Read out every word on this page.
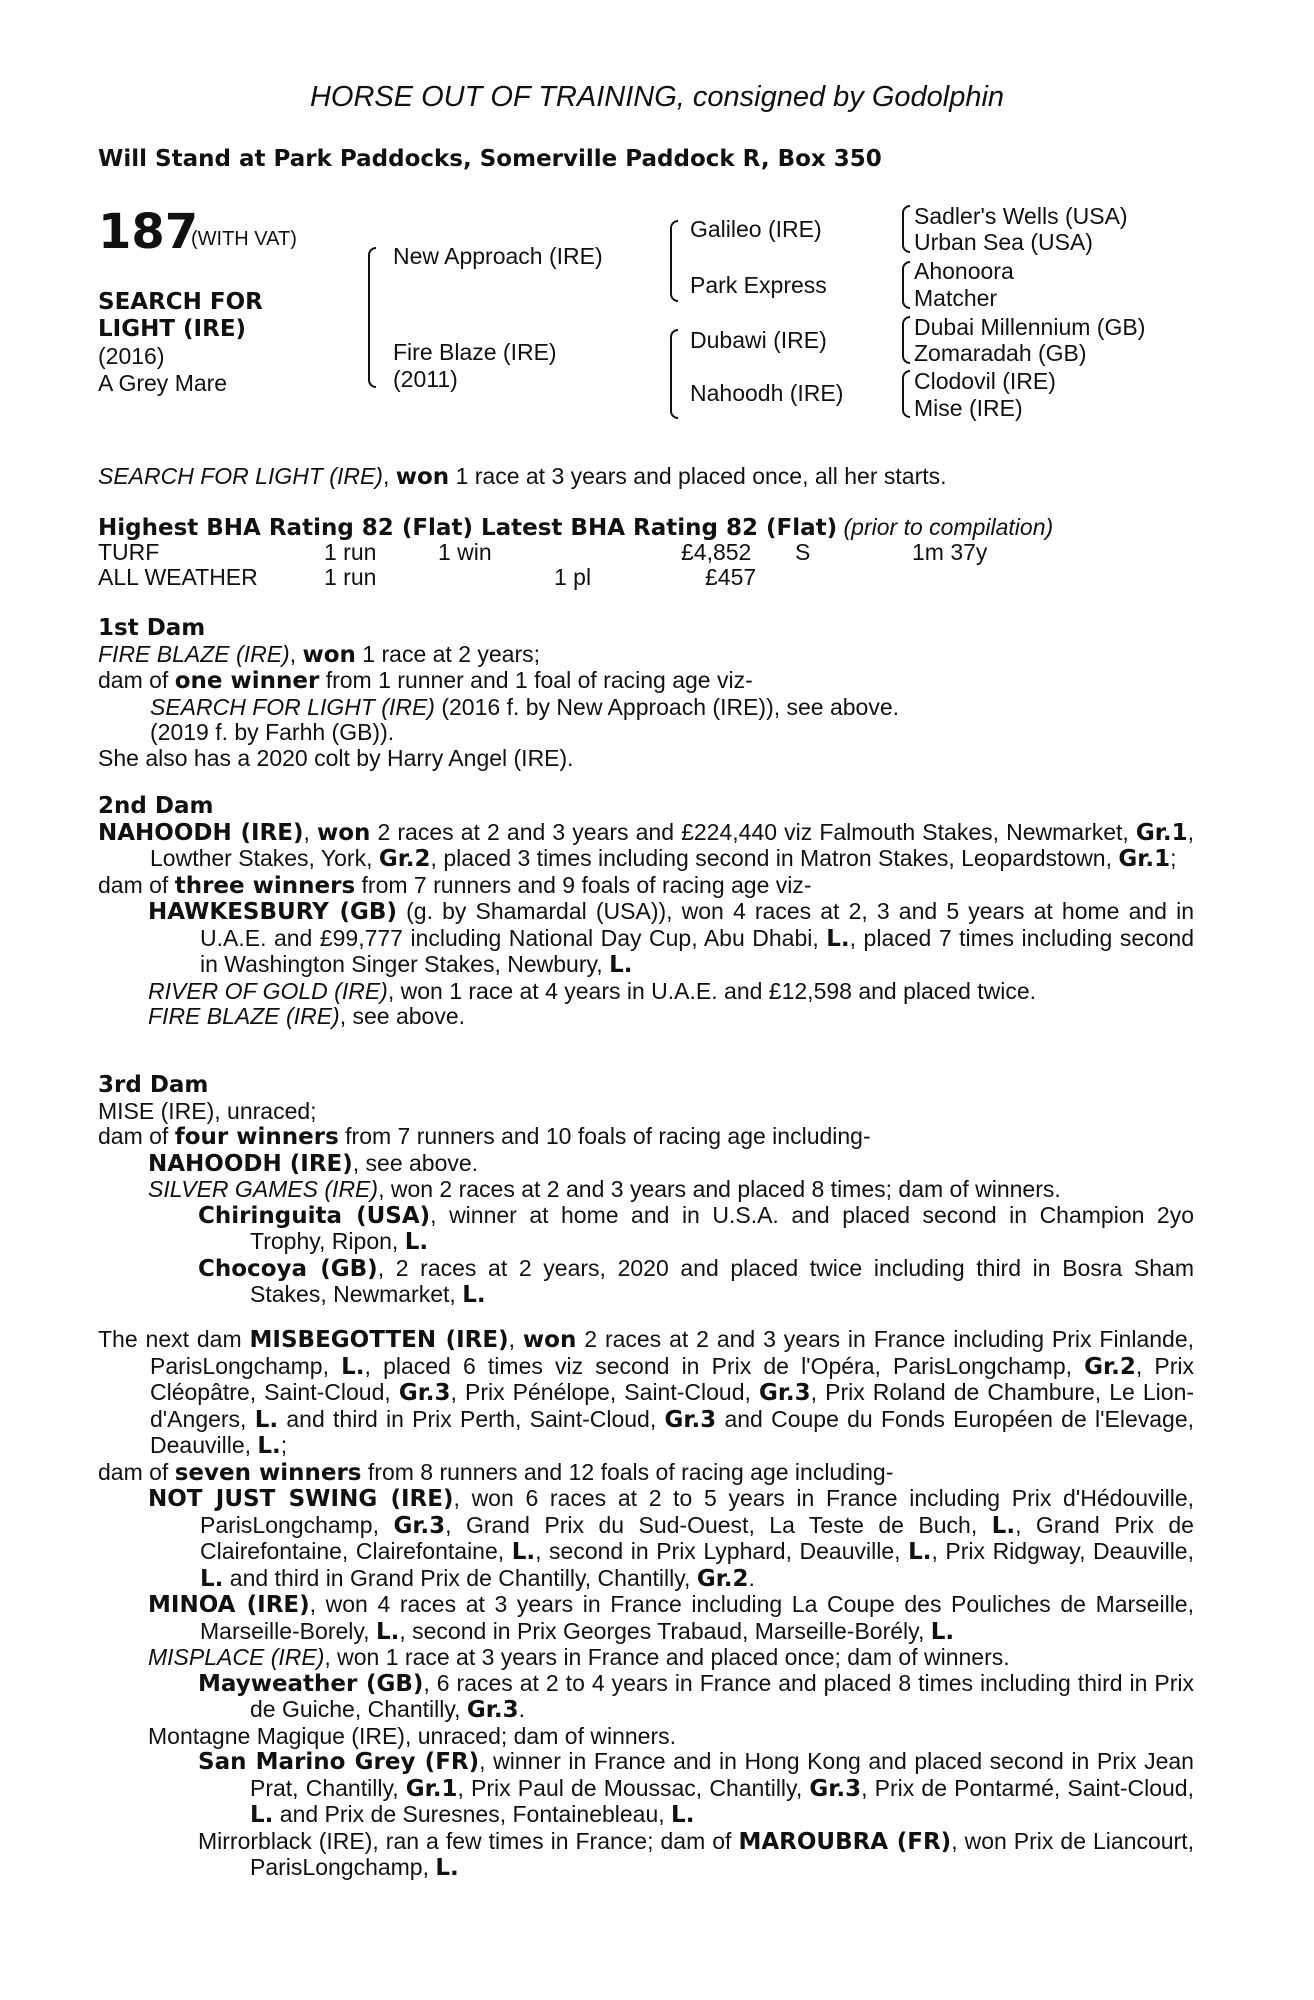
HORSE OUT OF TRAINING, consigned by Godolphin
Will Stand at Park Paddocks, Somerville Paddock R, Box 350
187
(WITH VAT)
SEARCH FOR
LIGHT (IRE)
(2016)
A Grey Mare
New Approach (IRE)
Fire Blaze (IRE)
(2011)
Galileo (IRE)
Park Express
Dubawi (IRE)
Nahoodh (IRE)
Sadler's Wells (USA)
Urban Sea (USA)
Ahonoora
Matcher
Dubai Millennium (GB)
Zomaradah (GB)
Clodovil (IRE)
Mise (IRE)
SEARCH FOR LIGHT (IRE), won 1 race at 3 years and placed once, all her starts.
Highest BHA Rating 82 (Flat) Latest BHA Rating 82 (Flat) (prior to compilation)
TURF	1 run	1 win	£4,852 S	1m 37y
ALL WEATHER	1 run	1 pl	£457

1st Dam

FIRE BLAZE (IRE), won 1 race at 2 years;

dam of one winner from 1 runner and 1 foal of racing age viz-

SEARCH FOR LIGHT (IRE) (2016 f. by New Approach (IRE)), see above.

(2019 f. by Farhh (GB)).

She also has a 2020 colt by Harry Angel (IRE).

2nd Dam

NAHOODH (IRE), won 2 races at 2 and 3 years and £224,440 viz Falmouth Stakes, Newmarket, Gr.1, Lowther Stakes, York, Gr.2, placed 3 times including second in Matron Stakes, Leopardstown, Gr.1;

dam of three winners from 7 runners and 9 foals of racing age viz-

HAWKESBURY (GB) (g. by Shamardal (USA)), won 4 races at 2, 3 and 5 years at home and in U.A.E. and £99,777 including National Day Cup, Abu Dhabi, L., placed 7 times including second in Washington Singer Stakes, Newbury, L.

RIVER OF GOLD (IRE), won 1 race at 4 years in U.A.E. and £12,598 and placed twice.

FIRE BLAZE (IRE), see above.

3rd Dam

MISE (IRE), unraced;

dam of four winners from 7 runners and 10 foals of racing age including-

NAHOODH (IRE), see above.

SILVER GAMES (IRE), won 2 races at 2 and 3 years and placed 8 times; dam of winners.

Chiringuita (USA), winner at home and in U.S.A. and placed second in Champion 2yo Trophy, Ripon, L.

Chocoya (GB), 2 races at 2 years, 2020 and placed twice including third in Bosra Sham Stakes, Newmarket, L.

The next dam MISBEGOTTEN (IRE), won 2 races at 2 and 3 years in France including Prix Finlande, ParisLongchamp, L., placed 6 times viz second in Prix de l'Opéra, ParisLongchamp, Gr.2, Prix Cléopâtre, Saint-Cloud, Gr.3, Prix Pénélope, Saint-Cloud, Gr.3, Prix Roland de Chambure, Le Lion-d'Angers, L. and third in Prix Perth, Saint-Cloud, Gr.3 and Coupe du Fonds Européen de l'Elevage, Deauville, L.;

dam of seven winners from 8 runners and 12 foals of racing age including-

NOT JUST SWING (IRE), won 6 races at 2 to 5 years in France including Prix d'Hédouville, ParisLongchamp, Gr.3, Grand Prix du Sud-Ouest, La Teste de Buch, L., Grand Prix de Clairefontaine, Clairefontaine, L., second in Prix Lyphard, Deauville, L., Prix Ridgway, Deauville, L. and third in Grand Prix de Chantilly, Chantilly, Gr.2.

MINOA (IRE), won 4 races at 3 years in France including La Coupe des Pouliches de Marseille, Marseille-Borely, L., second in Prix Georges Trabaud, Marseille-Borély, L.

MISPLACE (IRE), won 1 race at 3 years in France and placed once; dam of winners.

Mayweather (GB), 6 races at 2 to 4 years in France and placed 8 times including third in Prix de Guiche, Chantilly, Gr.3.

Montagne Magique (IRE), unraced; dam of winners.

San Marino Grey (FR), winner in France and in Hong Kong and placed second in Prix Jean Prat, Chantilly, Gr.1, Prix Paul de Moussac, Chantilly, Gr.3, Prix de Pontarmé, Saint-Cloud, L. and Prix de Suresnes, Fontainebleau, L.

Mirrorblack (IRE), ran a few times in France; dam of MAROUBRA (FR), won Prix de Liancourt, ParisLongchamp, L.
